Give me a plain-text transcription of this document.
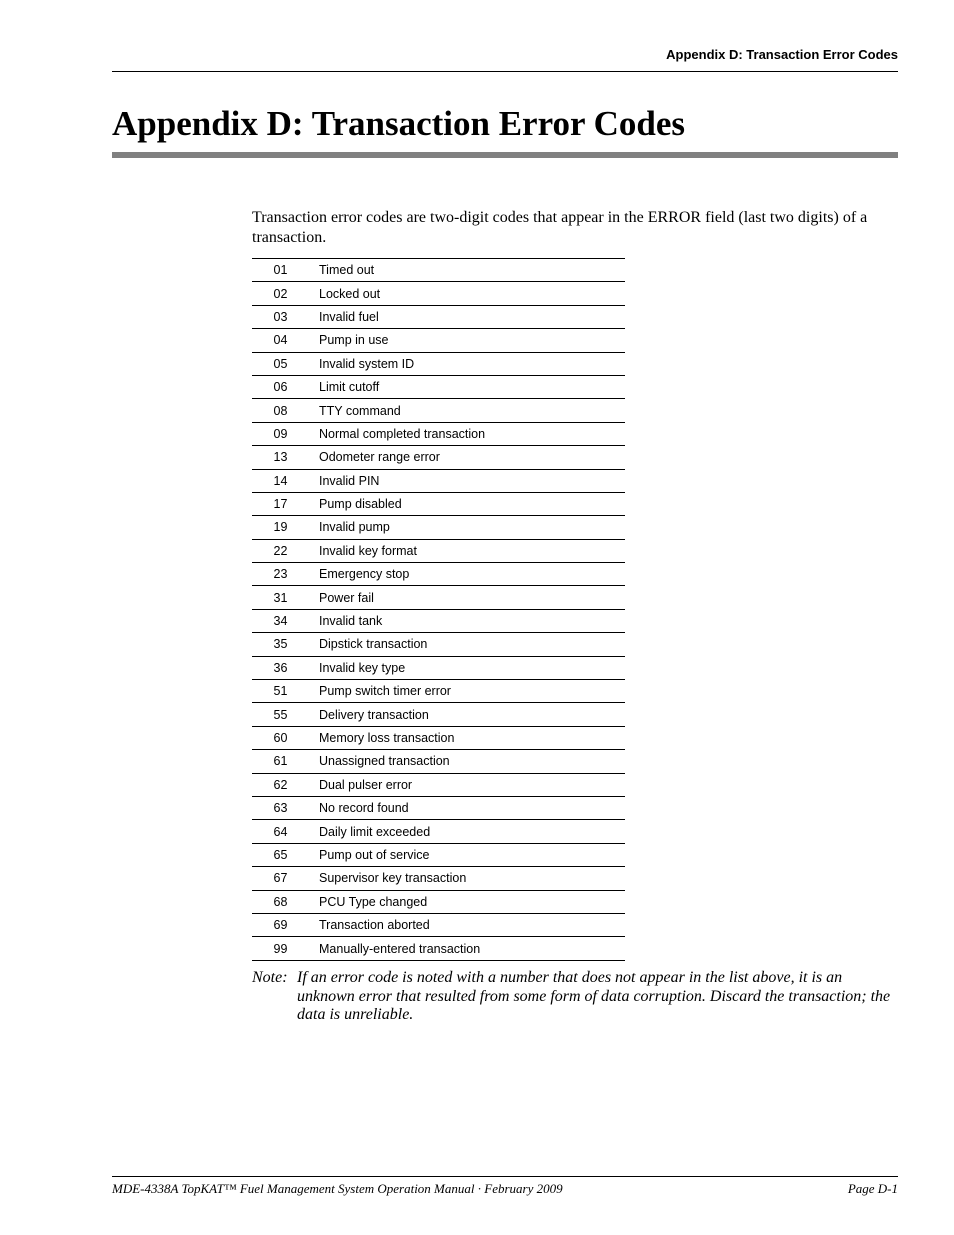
Appendix D: Transaction Error Codes
Appendix D: Transaction Error Codes

Transaction error codes are two-digit codes that appear in the ERROR field (last two digits) of a transaction.

01	Timed out
02	Locked out
03	Invalid fuel
04	Pump in use
05	Invalid system ID
06	Limit cutoff
08	TTY command
09	Normal completed transaction
13	Odometer range error
14	Invalid PIN
17	Pump disabled
19	Invalid pump
22	Invalid key format
23	Emergency stop
31	Power fail
34	Invalid tank
35	Dipstick transaction
36	Invalid key type
51	Pump switch timer error
55	Delivery transaction
60	Memory loss transaction
61	Unassigned transaction
62	Dual pulser error
63	No record found
64	Daily limit exceeded
65	Pump out of service
67	Supervisor key transaction
68	PCU Type changed
69	Transaction aborted
99	Manually-entered transaction
Note: If an error code is noted with a number that does not appear in the list above, it is an unknown error that resulted from some form of data corruption. Discard the transaction; the data is unreliable.
MDE-4338A TopKAT™ Fuel Management System Operation Manual · February 2009	Page D-1
